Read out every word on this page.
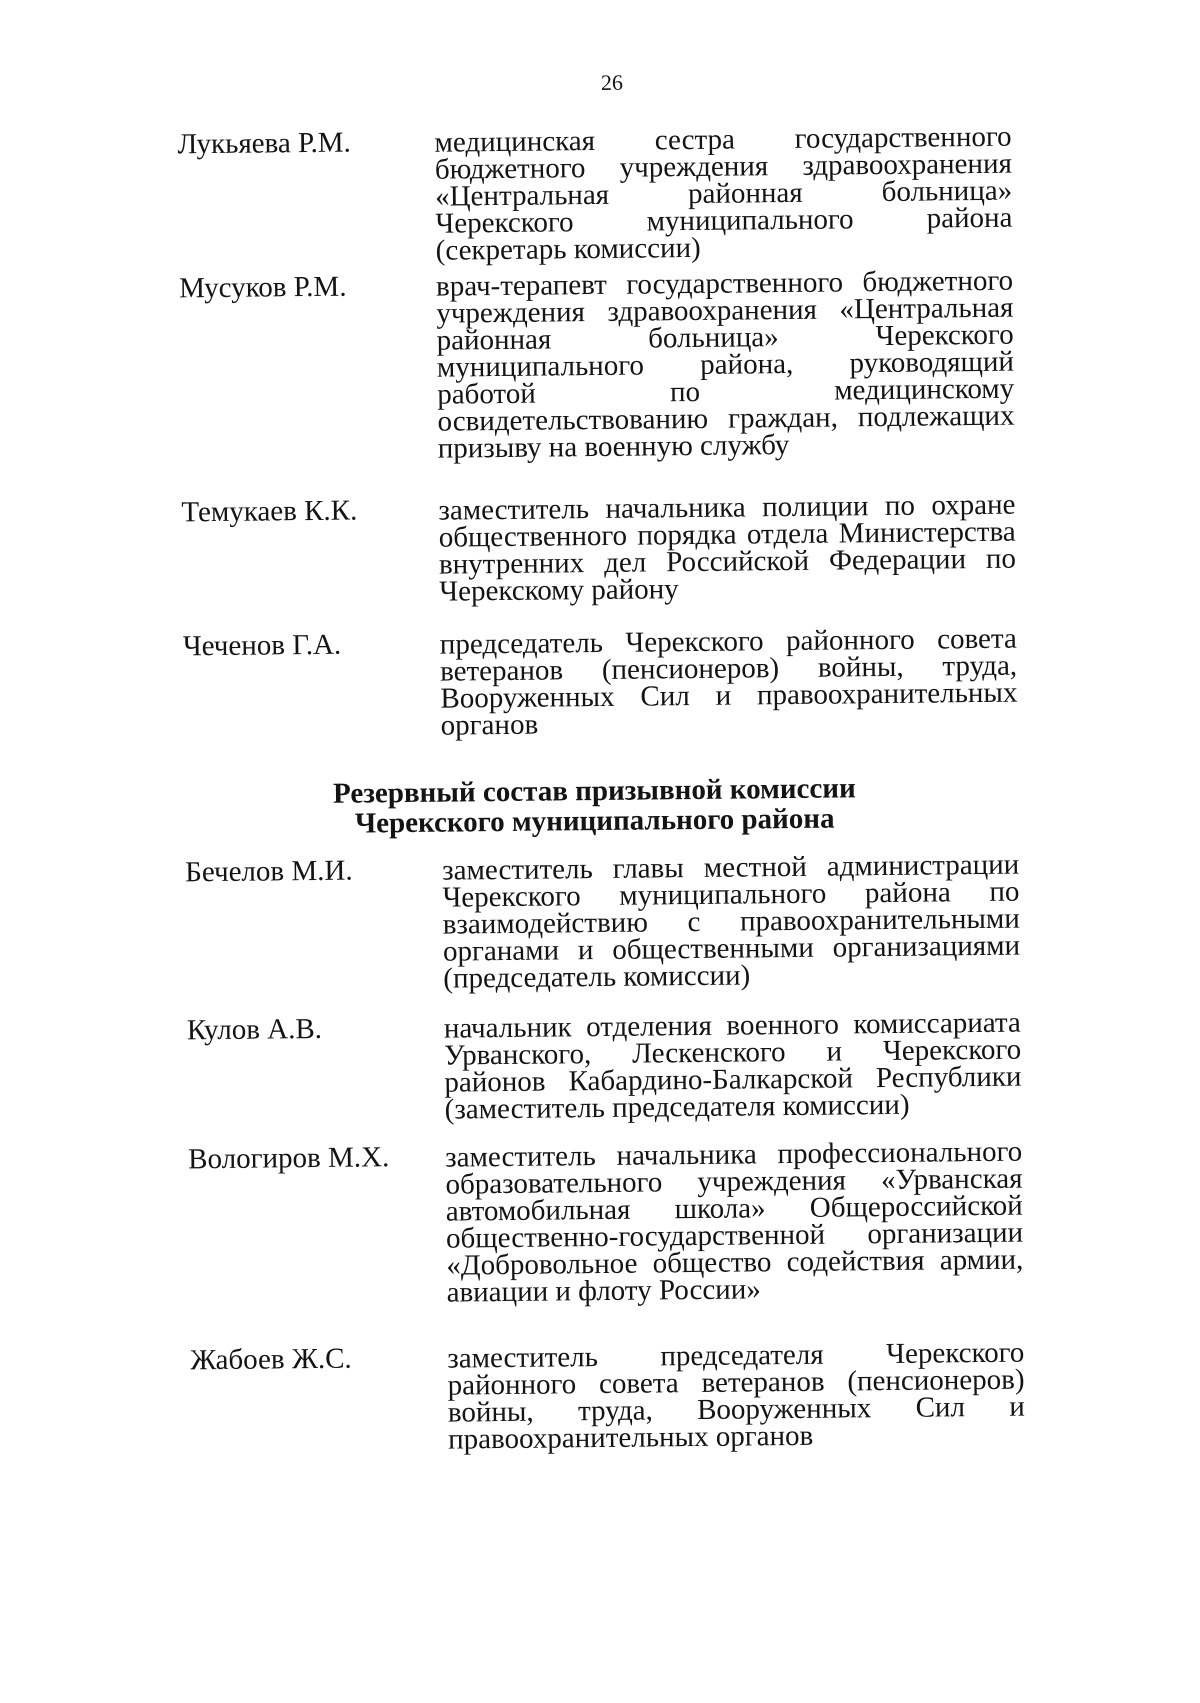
26
Лукьяева Р.М.	медицинская сестра государственного бюджетного учреждения здравоохранения «Центральная районная больница» Черекского муниципального района (секретарь комиссии)
Мусуков Р.М.	врач-терапевт государственного бюджетного учреждения здравоохранения «Центральная районная больница» Черекского муниципального района, руководящий работой по медицинскому освидетельствованию граждан, подлежащих призыву на военную службу
Темукаев К.К.	заместитель начальника полиции по охране общественного порядка отдела Министерства внутренних дел Российской Федерации по Черекскому району
Чеченов Г.А.	председатель Черекского районного совета ветеранов (пенсионеров) войны, труда, Вооруженных Сил и правоохранительных органов
Резервный состав призывной комиссии
Черекского муниципального района
Бечелов М.И.	заместитель главы местной администрации Черекского муниципального района по взаимодействию с правоохранительными органами и общественными организациями (председатель комиссии)
Кулов А.В.	начальник отделения военного комиссариата Урванского, Лескенского и Черекского районов Кабардино-Балкарской Республики (заместитель председателя комиссии)
Вологиров М.Х. заместитель начальника профессионального образовательного учреждения «Урванская автомобильная школа» Общероссийской общественно-государственной организации «Добровольное общество содействия армии, авиации и флоту России»
Жабоев Ж.С.	заместитель председателя Черекского районного совета ветеранов (пенсионеров) войны, труда, Вооруженных Сил и правоохранительных органов
